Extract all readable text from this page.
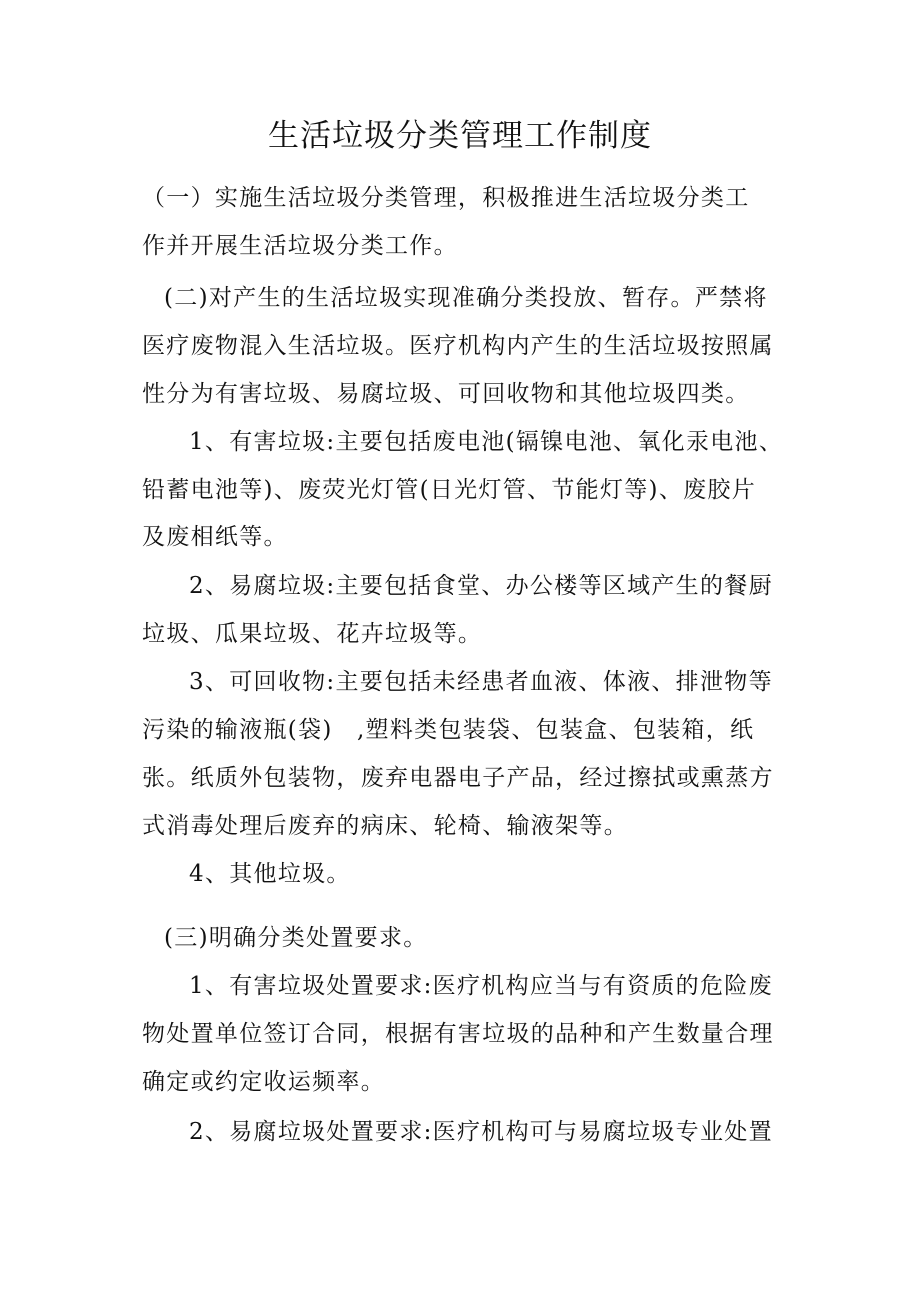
生活垃圾分类管理工作制度
（一）实施生活垃圾分类管理，积极推进生活垃圾分类工
作并开展生活垃圾分类工作。
(二)对产生的生活垃圾实现准确分类投放、暂存。严禁将
医疗废物混入生活垃圾。医疗机构内产生的生活垃圾按照属
性分为有害垃圾、易腐垃圾、可回收物和其他垃圾四类。
1、有害垃圾:主要包括废电池(镉镍电池、氧化汞电池、
铅蓄电池等)、废荧光灯管(日光灯管、节能灯等)、废胶片
及废相纸等。
2、易腐垃圾:主要包括食堂、办公楼等区域产生的餐厨
垃圾、瓜果垃圾、花卉垃圾等。
3、可回收物:主要包括未经患者血液、体液、排泄物等
污染的输液瓶(袋)　,塑料类包装袋、包装盒、包装箱，纸
张。纸质外包装物，废弃电器电子产品，经过擦拭或熏蒸方
式消毒处理后废弃的病床、轮椅、输液架等。
4、其他垃圾。
(三)明确分类处置要求。
1、有害垃圾处置要求:医疗机构应当与有资质的危险废
物处置单位签订合同，根据有害垃圾的品种和产生数量合理
确定或约定收运频率。
2、易腐垃圾处置要求:医疗机构可与易腐垃圾专业处置
